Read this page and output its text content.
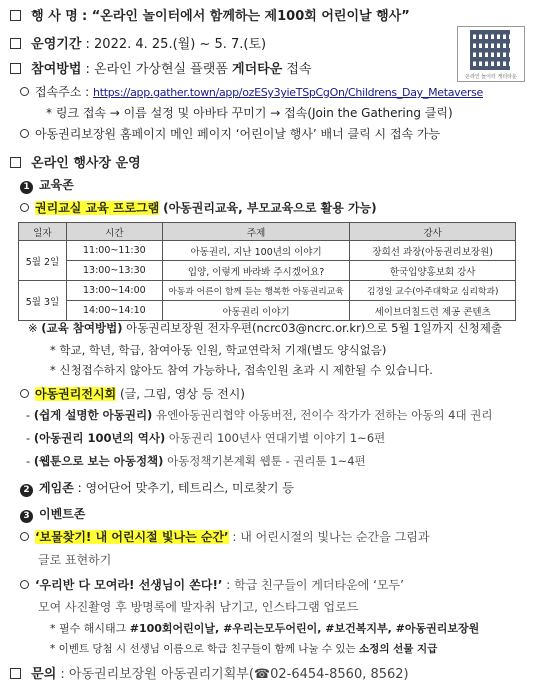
행 사 명 : “온라인 놀이터에서 함께하는 제100회 어린이날 행사”
운영기간 : 2022. 4. 25.(월) ~ 5. 7.(토)
온라인 놀이터 게더타운
참여방법 : 온라인 가상현실 플랫폼 게더타운 접속
접속주소 : https://app.gather.town/app/ozESy3yieTSpCgOn/Childrens_Day_Metaverse
* 링크 접속 → 이름 설정 및 아바타 꾸미기 → 접속(Join the Gathering 클릭)
아동권리보장원 홈페이지 메인 페이지 ‘어린이날 행사’ 배너 클릭 시 접속 가능
온라인 행사장 운영
1 교육존
권리교실 교육 프로그램 (아동권리교육, 부모교육으로 활용 가능)
일자	시간	주제	강사
5월 2일	11:00~11:30	아동권리, 지난 100년의 이야기	장희선 과장(아동권리보장원)
	13:00~13:30	입양, 이렇게 바라봐 주시겠어요?	한국입양홍보회 강사
5월 3일	13:00~14:00	아동과 어른이 함께 듣는 행복한 아동권리교육	김경일 교수(아주대학교 심리학과)
	14:00~14:10	아동권리 이야기	세이브더칠드런 제공 콘텐츠
※ (교육 참여방법) 아동권리보장원 전자우편(ncrc03@ncrc.or.kr)으로 5월 1일까지 신청제출
* 학교, 학년, 학급, 참여아동 인원, 학교연락처 기재(별도 양식없음)
* 신청접수하지 않아도 참여 가능하나, 접속인원 초과 시 제한될 수 있습니다.
아동권리전시회 (글, 그림, 영상 등 전시)
- (쉽게 설명한 아동권리) 유엔아동권리협약 아동버전, 전이수 작가가 전하는 아동의 4대 권리
- (아동권리 100년의 역사) 아동권리 100년사 연대기별 이야기 1~6편
- (웹툰으로 보는 아동정책) 아동정책기본계획 웹툰 - 권리툰 1~4편
2 게임존 : 영어단어 맞추기, 테트리스, 미로찾기 등
3 이벤트존
‘보물찾기! 내 어린시절 빛나는 순간’ : 내 어린시절의 빛나는 순간을 그림과
글로 표현하기
‘우리반 다 모여라! 선생님이 쏜다!’ : 학급 친구들이 게더타운에 ‘모두’
모여 사진촬영 후 방명록에 발자취 남기고, 인스타그램 업로드
* 필수 해시태그 #100회어린이날, #우리는모두어린이, #보건복지부, #아동권리보장원
* 이벤트 당첨 시 선생님 이름으로 학급 친구들이 함께 나눌 수 있는 소정의 선물 지급
문의 : 아동권리보장원 아동권리기획부(☎02-6454-8560, 8562)
